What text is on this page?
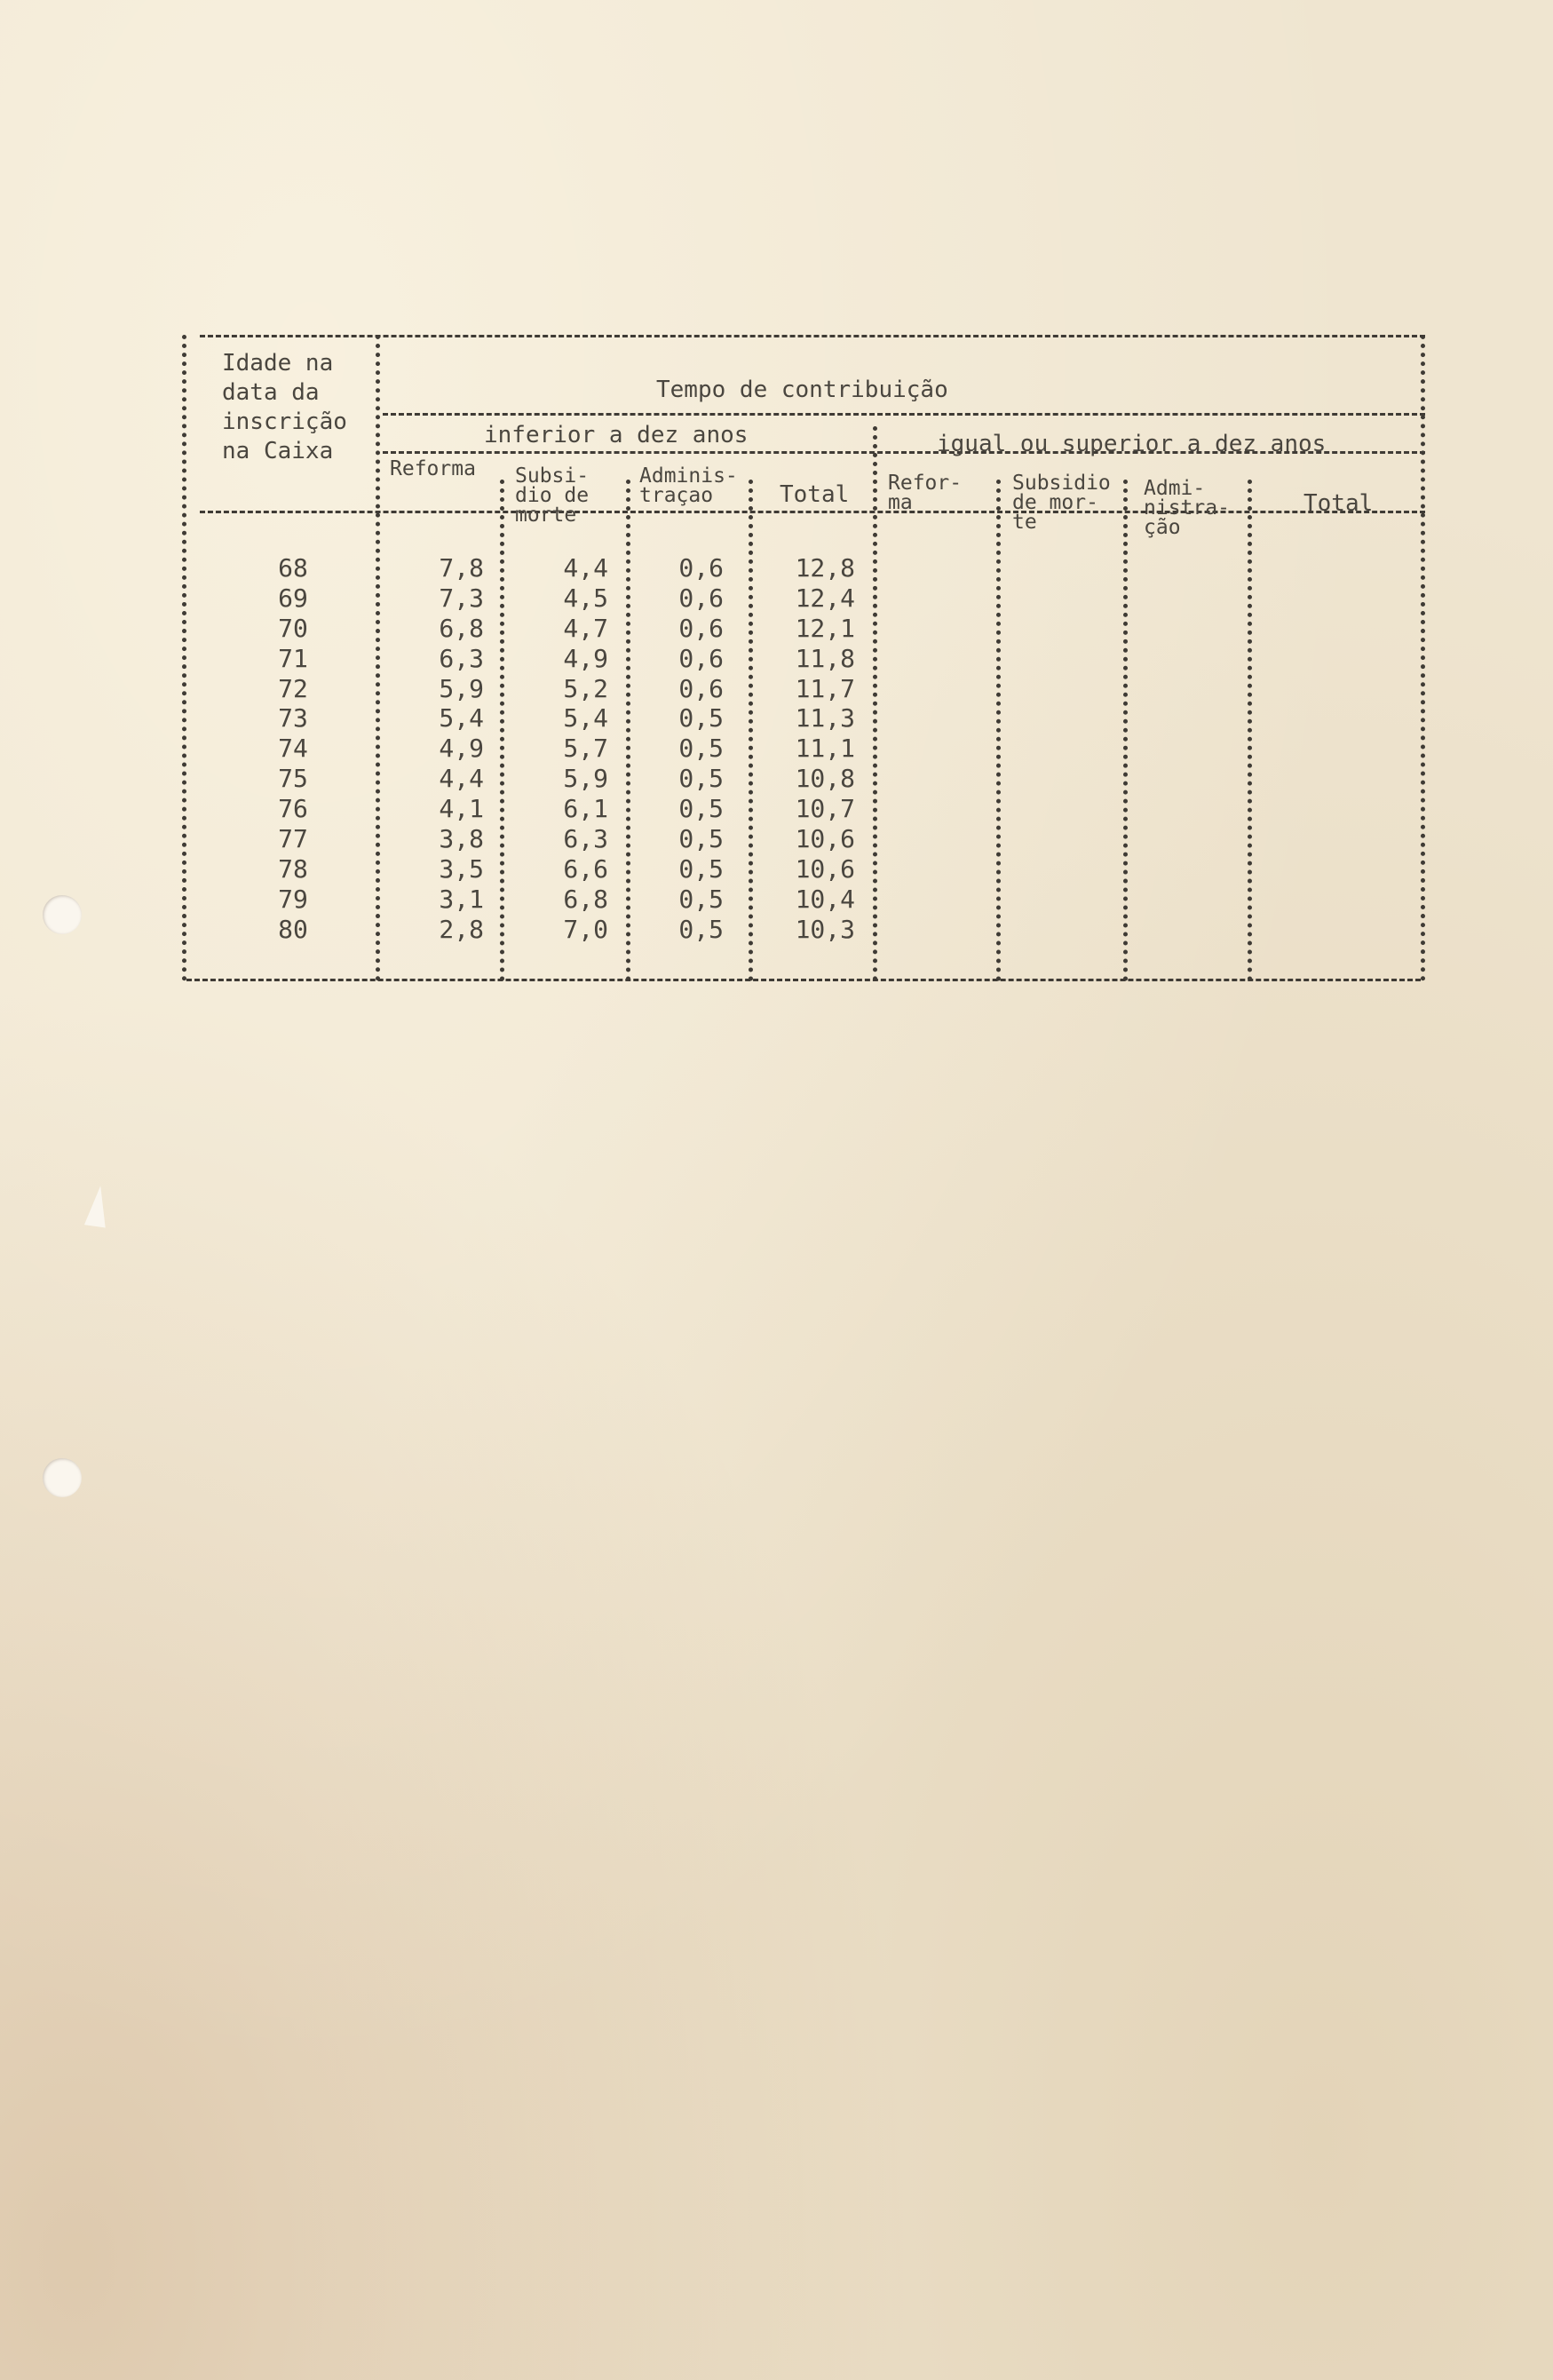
Idade na
data da
inscrição
na Caixa
Tempo de contribuição
inferior a dez anos	igual ou superior a dez anos
Reforma Subsi-
dio de
morte
Adminis-
traçao	Total Refor-
ma
Subsidio
de mor-
te
Admi-
nistra-
ção
Total
68
69
70
71
72
73
74
75
76
77
78
79
80
7,8
7,3
6,8
6,3
5,9
5,4
4,9
4,4
4,1
3,8
3,5
3,1
2,8
4,4
4,5
4,7
4,9
5,2
5,4
5,7
5,9
6,1
6,3
6,6
6,8
7,0
0,6
0,6
0,6
0,6
0,6
0,5
0,5
0,5
0,5
0,5
0,5
0,5
0,5
12,8
12,4
12,1
11,8
11,7
11,3
11,1
10,8
10,7
10,6
10,6
10,4
10,3
